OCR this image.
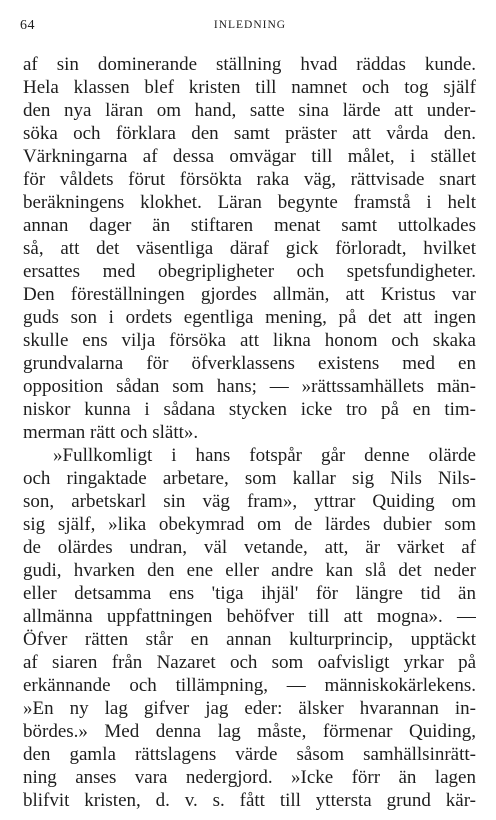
64	INLEDNING
af sin dominerande ställning hvad räddas kunde.
Hela klassen blef kristen till namnet och tog själf
den nya läran om hand, satte sina lärde att under-
söka och förklara den samt präster att vårda den.
Värkningarna af dessa omvägar till målet, i stället
för våldets förut försökta raka väg, rättvisade snart
beräkningens klokhet. Läran begynte framstå i helt
annan dager än stiftaren menat samt uttolkades
så, att det väsentliga däraf gick förloradt, hvilket
ersattes med obegripligheter och spetsfundigheter.
Den föreställningen gjordes allmän, att Kristus var
guds son i ordets egentliga mening, på det att ingen
skulle ens vilja försöka att likna honom och skaka
grundvalarna för öfverklassens existens med en
opposition sådan som hans; — »rättssamhällets män-
niskor kunna i sådana stycken icke tro på en tim-
merman rätt och slätt».
»Fullkomligt i hans fotspår går denne olärde
och ringaktade arbetare, som kallar sig Nils Nils-
son, arbetskarl sin väg fram», yttrar Quiding om
sig själf, »lika obekymrad om de lärdes dubier som
de olärdes undran, väl vetande, att, är värket af
gudi, hvarken den ene eller andre kan slå det neder
eller detsamma ens 'tiga ihjäl' för längre tid än
allmänna uppfattningen behöfver till att mogna». —
Öfver rätten står en annan kulturprincip, upptäckt
af siaren från Nazaret och som oafvisligt yrkar på
erkännande och tillämpning, — människokärlekens.
»En ny lag gifver jag eder: älsker hvarannan in-
bördes.» Med denna lag måste, förmenar Quiding,
den gamla rättslagens värde såsom samhällsinrätt-
ning anses vara nedergjord. »Icke förr än lagen
blifvit kristen, d. v. s. fått till yttersta grund kär-
